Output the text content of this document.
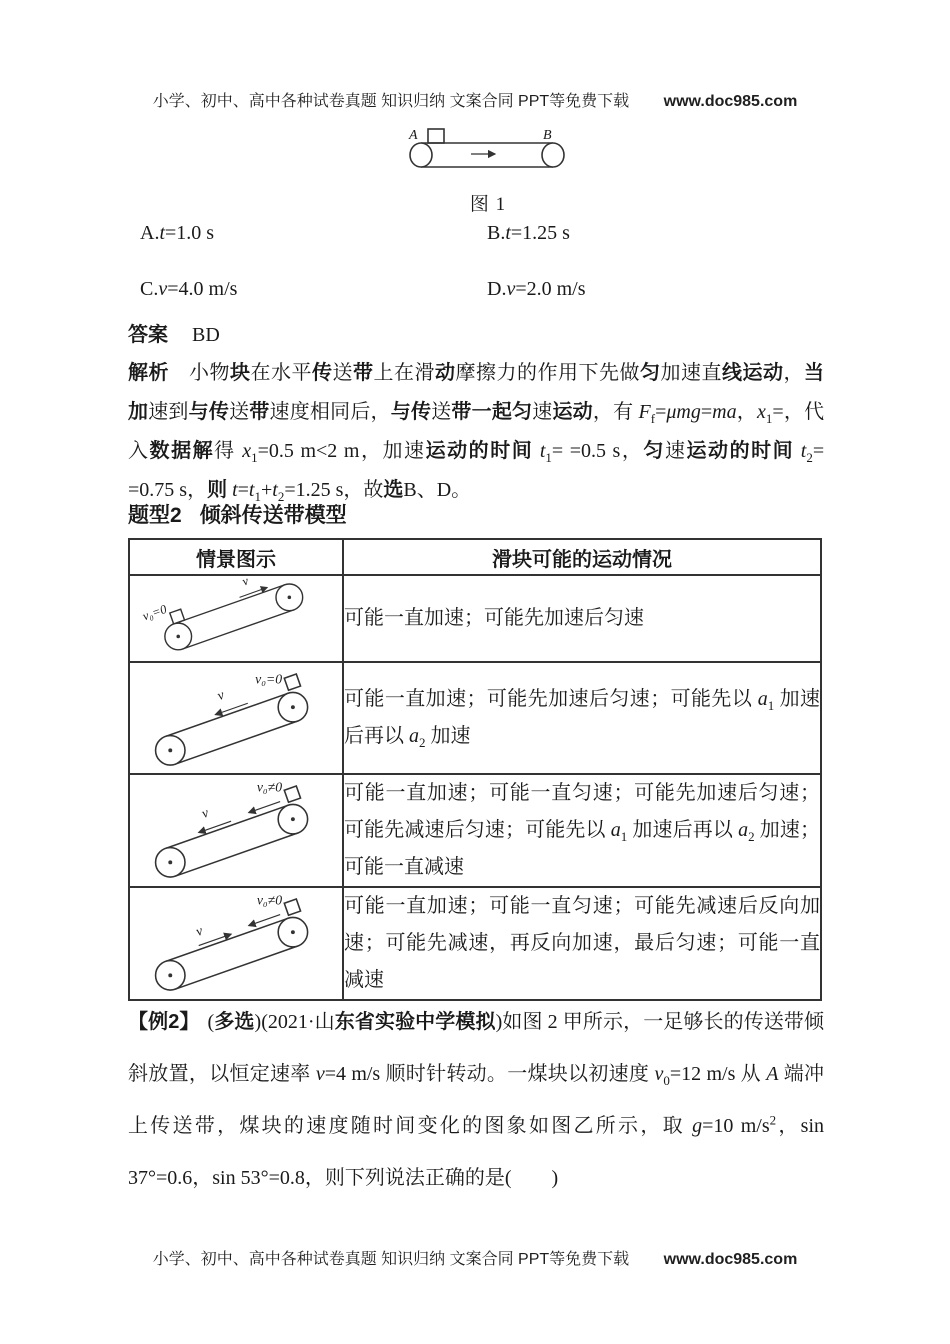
小学、初中、高中各种试卷真题 知识归纳 文案合同 PPT等免费下载 www.doc985.com
A	B
图 1
A.t=1.0 s	B.t=1.25 s
C.v=4.0 m/s	D.v=2.0 m/s
答案 BD
解析 小物块在水平传送带上在滑动摩擦力的作用下先做匀加速直线运动，当加速到与传送带速度相同后，与传送带一起匀速运动，有 $F_f=\mu mg=ma$，$x_1=$，代入数据解得 $x_1=0.5$ m<2 m，加速运动的时间 $t_1= =0.5$ s，匀速运动的时间 $t_2= =0.75$ s，则 $t=t_1+t_2=1.25$ s，故选B、D。
题型2 倾斜传送带模型
情景图示	滑块可能的运动情况

v₀=0
v	可能一直加速；可能先加速后匀速

v₀=0
v	可能一直加速；可能先加速后匀速；可能先以 $a_1$ 加速后再以 $a_2$ 加速

v₀≠0
v	可能一直加速；可能一直匀速；可能先加速后匀速；可能先减速后匀速；可能先以 $a_1$ 加速后再以 $a_2$ 加速；可能一直减速

v₀≠0
v	可能一直加速；可能一直匀速；可能先减速后反向加速；可能先减速，再反向加速，最后匀速；可能一直减速
【例2】 (多选)(2021·山东省实验中学模拟)如图 2 甲所示，一足够长的传送带倾斜放置，以恒定速率 v=4 m/s 顺时针转动。一煤块以初速度 $v_0=12$ m/s 从 A 端冲上传送带，煤块的速度随时间变化的图象如图乙所示，取 g=10 $m/s^2$，sin 37°=0.6，sin 53°=0.8，则下列说法正确的是(　　)
小学、初中、高中各种试卷真题 知识归纳 文案合同 PPT等免费下载 www.doc985.com
